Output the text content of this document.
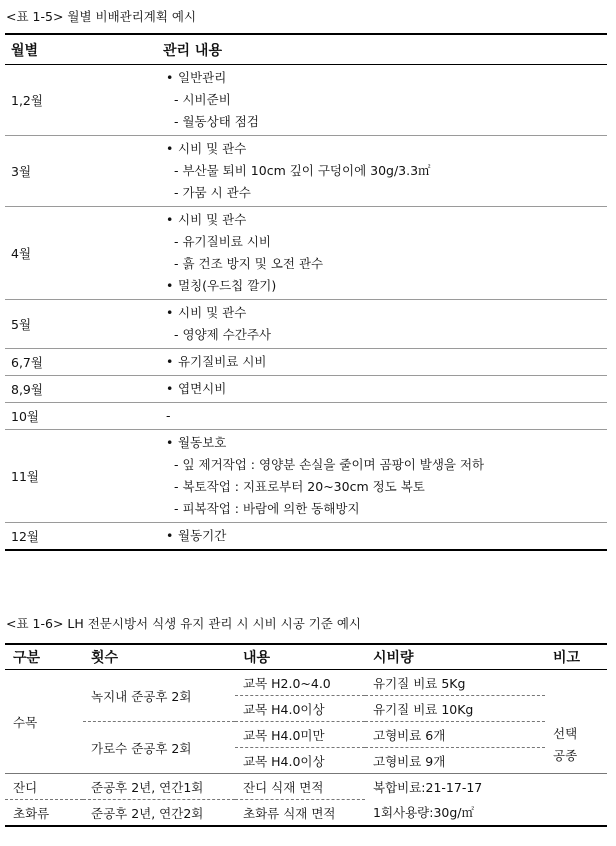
<표 1-5> 월별 비배관리계획 예시
월별	관리 내용
1,2월	• 일반관리
- 시비준비
- 월동상태 점검

3월	• 시비 및 관수
- 부산물 퇴비 10cm 깊이 구덩이에 30g/3.3㎡
- 가뭄 시 관수

4월	• 시비 및 관수
- 유기질비료 시비
- 흙 건조 방지 및 오전 관수
• 멀칭(우드칩 깔기)

5월	• 시비 및 관수
- 영양제 수간주사

6,7월	• 유기질비료 시비

8,9월	• 엽면시비

10월	-

11월	• 월동보호
- 잎 제거작업 : 영양분 손실을 줄이며 곰팡이 발생을 저하
- 복토작업 : 지표로부터 20~30cm 정도 복토
- 피복작업 : 바람에 의한 동해방지

12월	• 월동기간
<표 1-6> LH 전문시방서 식생 유지 관리 시 시비 시공 기준 예시
구분	횟수	내용	시비량	비고
수목	녹지내 준공후 2회	교목 H2.0~4.0	유기질 비료 5Kg	선택
공종
		교목 H4.0이상	유기질 비료 10Kg	
	가로수 준공후 2회	교목 H4.0미만	고형비료 6개	
		교목 H4.0이상	고형비료 9개	
잔디	준공후 2년, 연간1회	잔디 식재 면적	복합비료:21-17-17	
초화류	준공후 2년, 연간2회	초화류 식재 면적	1회사용량:30g/㎡	
